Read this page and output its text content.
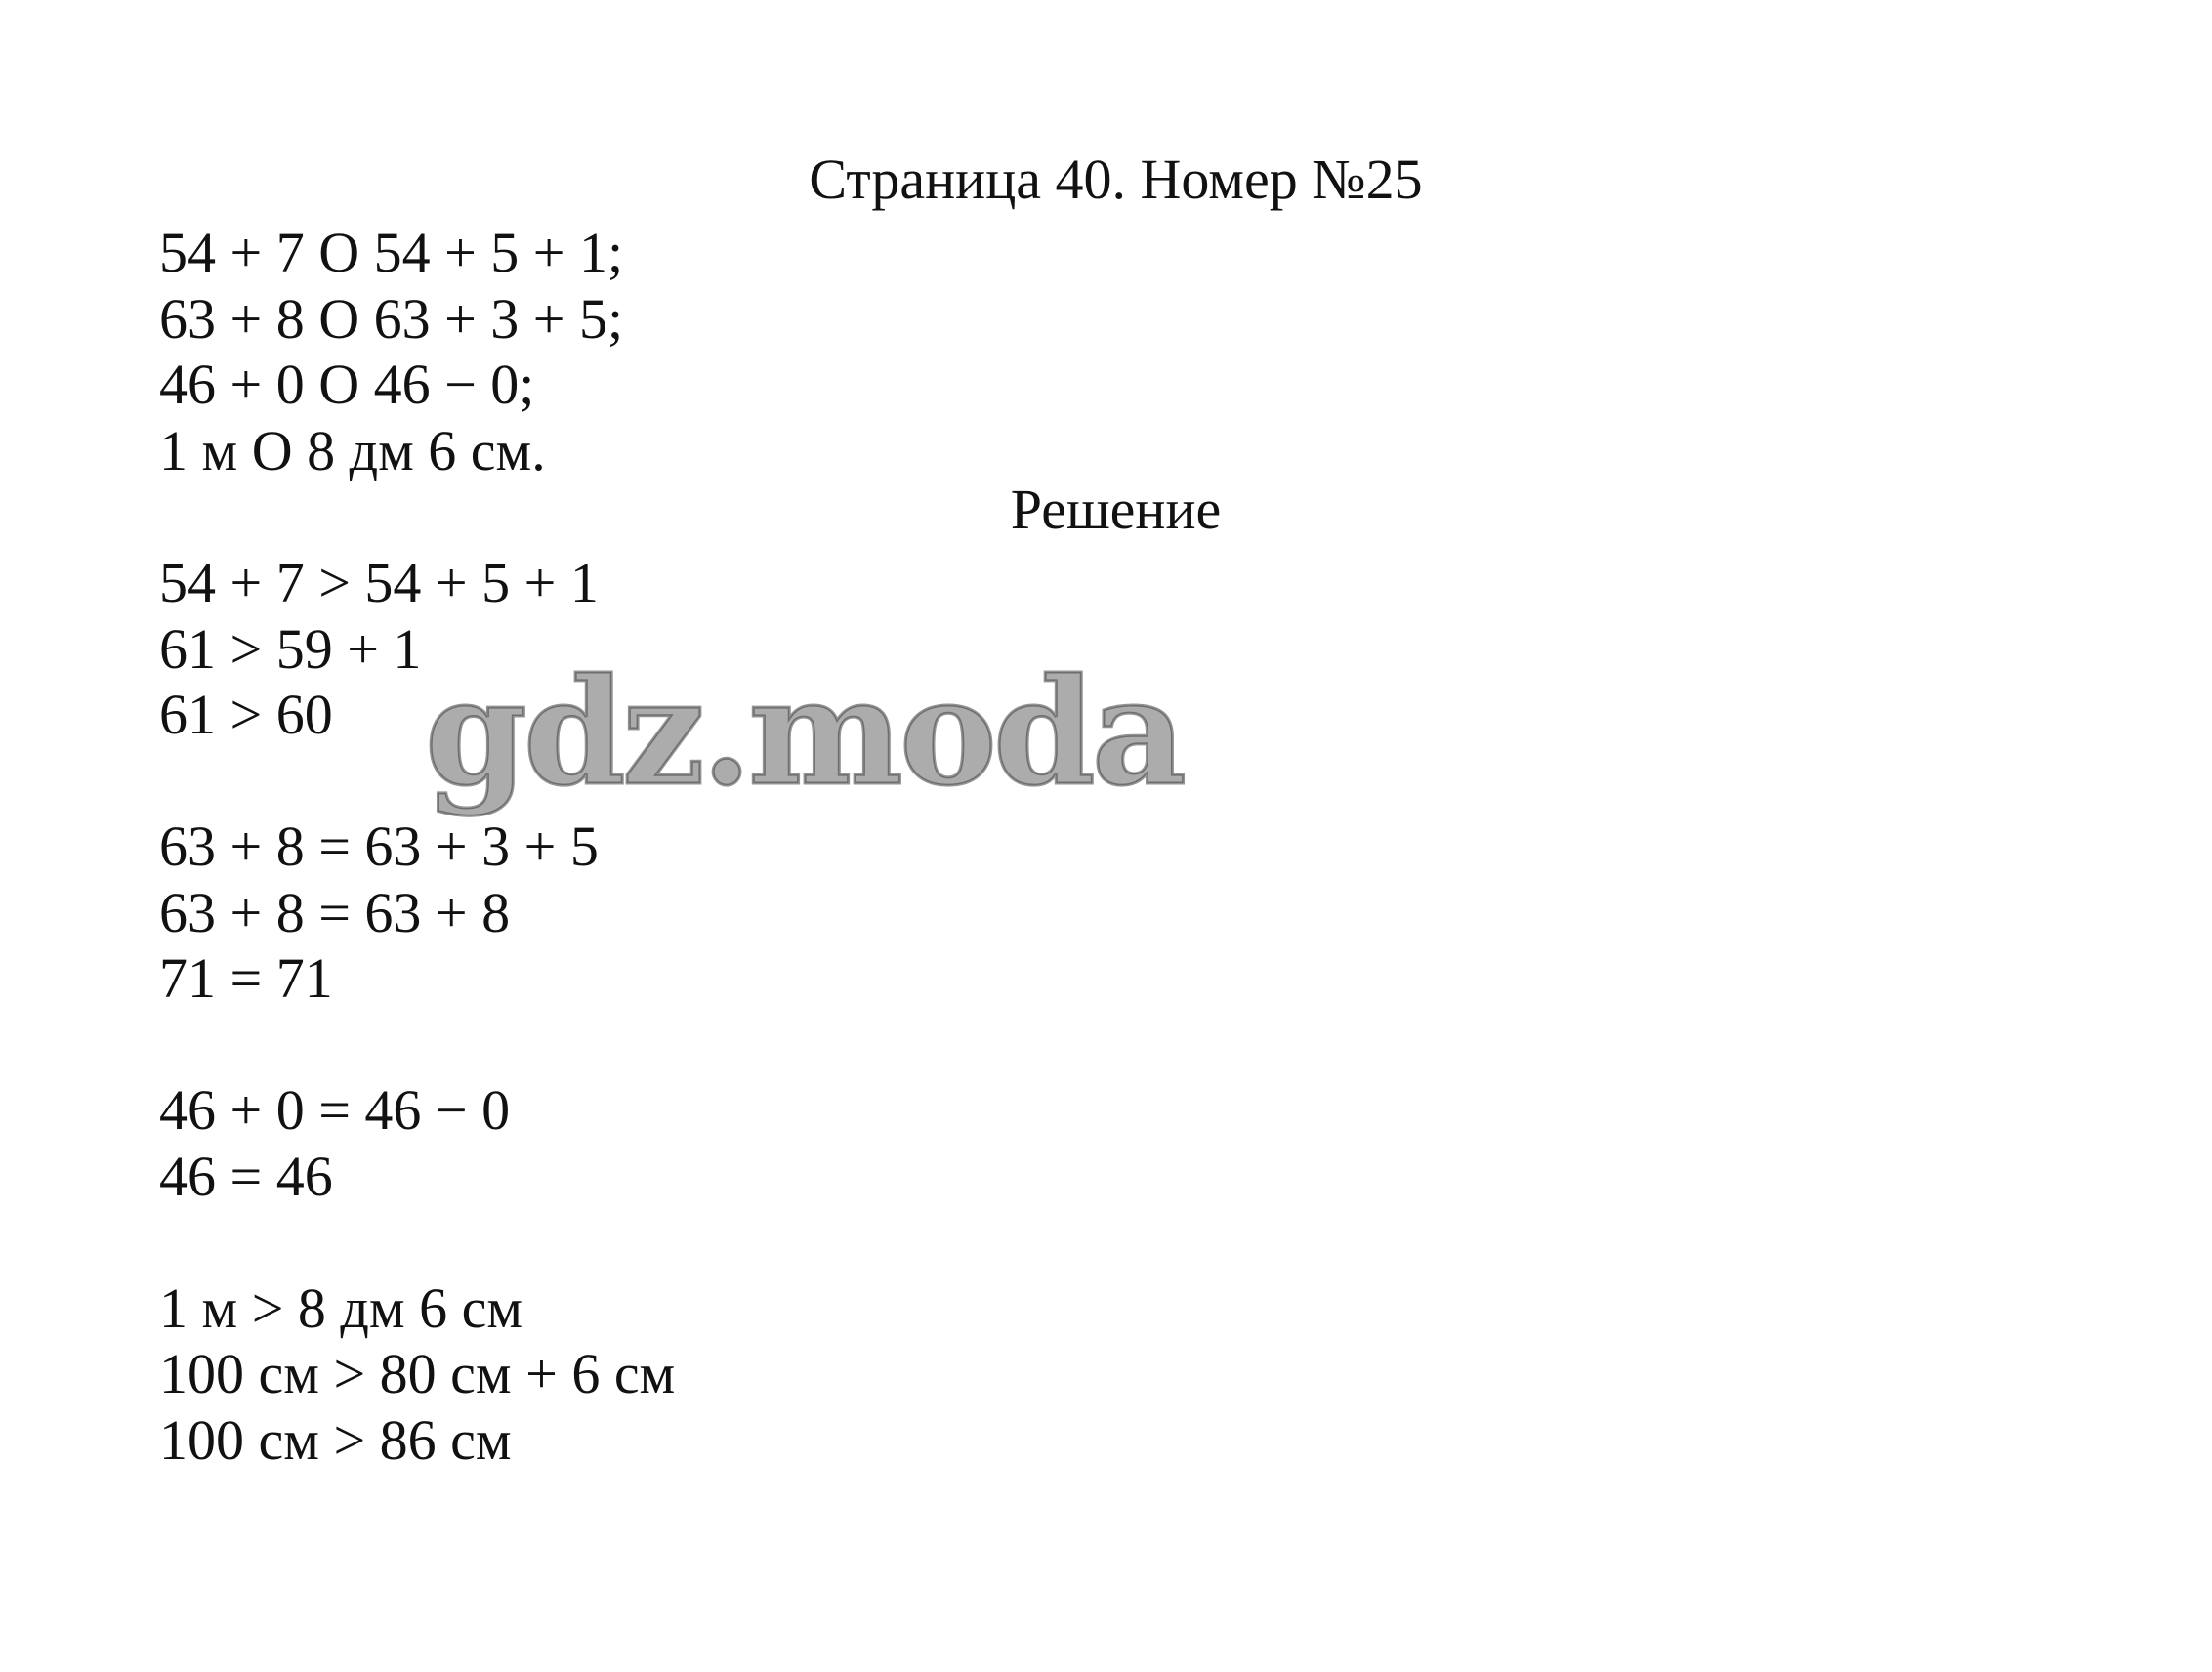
Страница 40. Номер №25
54 + 7 O 54 + 5 + 1;
63 + 8 O 63 + 3 + 5;
46 + 0 O 46 − 0;
1 м O 8 дм 6 см.
Решение
54 + 7 > 54 + 5 + 1
61 > 59 + 1
61 > 60
63 + 8 = 63 + 3 + 5
63 + 8 = 63 + 8
71 = 71
46 + 0 = 46 − 0
46 = 46
1 м > 8 дм 6 см
100 см > 80 см + 6 см
100 см > 86 см
gdz.moda
